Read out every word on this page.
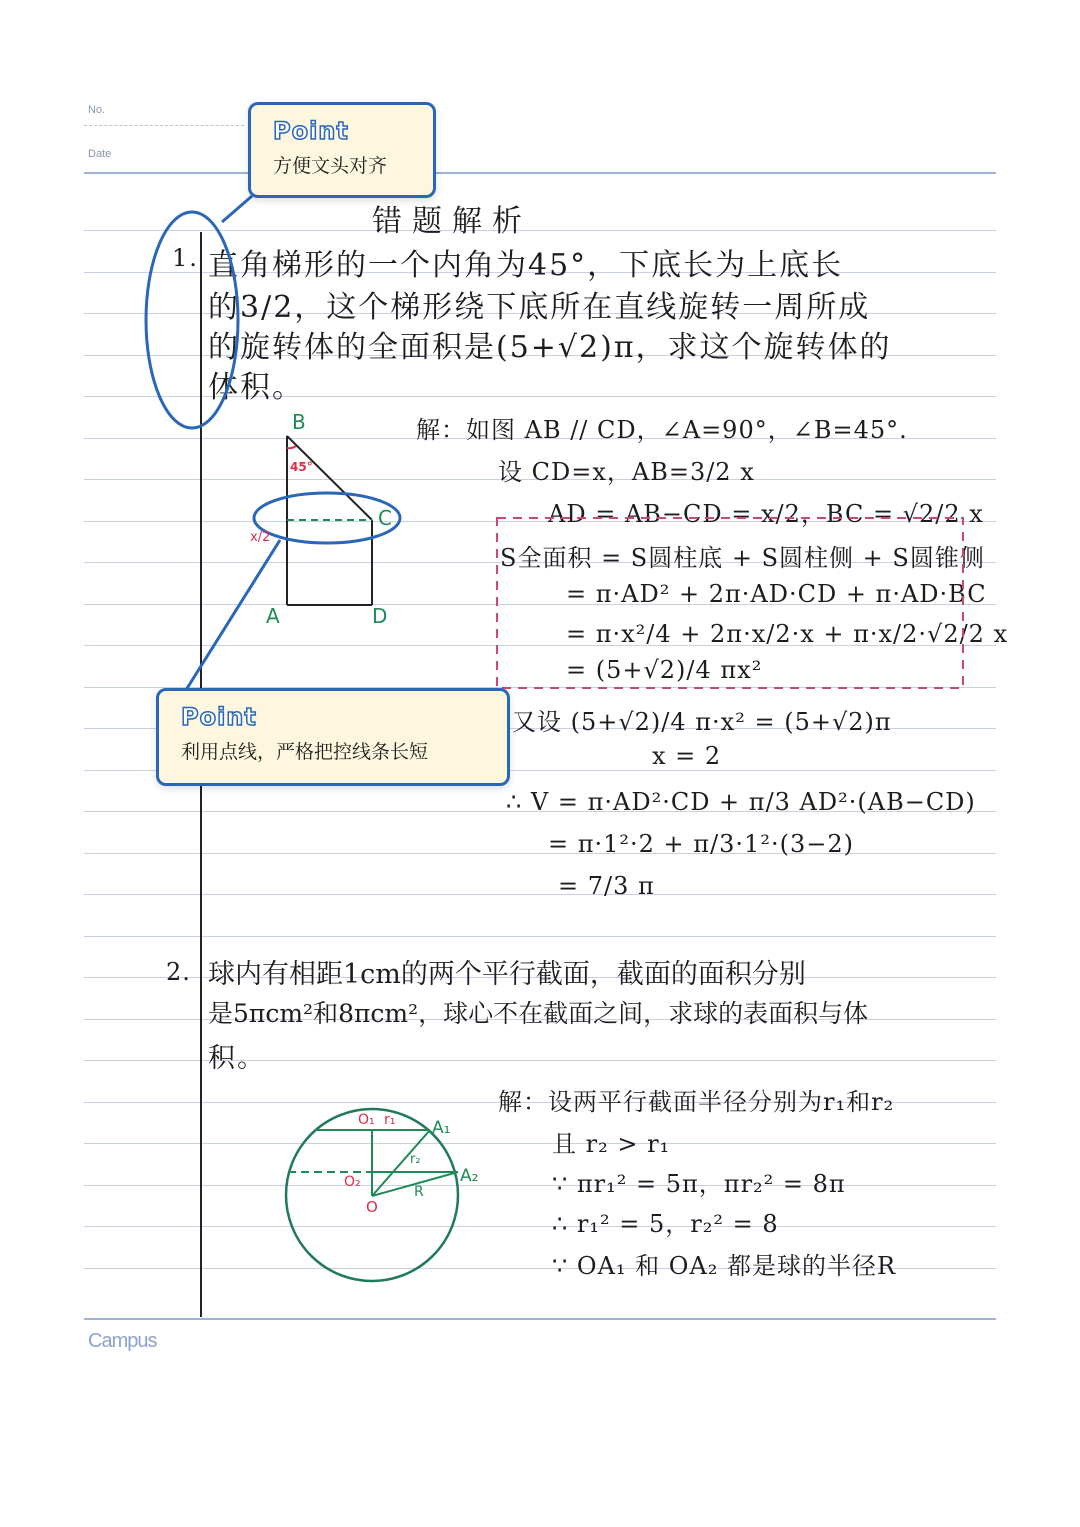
No.
Date
错题解析
1. 直角梯形的一个内角为45°，下底长为上底长
的3/2，这个梯形绕下底所在直线旋转一周所成
的旋转体的全面积是(5+√2)π，求这个旋转体的
体积。
解：如图 AB // CD，∠A=90°，∠B=45°.
设 CD=x，AB=3/2 x
AD = AB−CD = x/2，BC = √2/2 x
S全面积 = S圆柱底 + S圆柱侧 + S圆锥侧
= π·AD² + 2π·AD·CD + π·AD·BC
= π·x²/4 + 2π·x/2·x + π·x/2·√2/2 x
= (5+√2)/4 πx²
又设 (5+√2)/4 π·x² = (5+√2)π
x = 2
∴ V = π·AD²·CD + π/3 AD²·(AB−CD)
= π·1²·2 + π/3·1²·(3−2)
= 7/3 π
2. 球内有相距1cm的两个平行截面，截面的面积分别
是5πcm²和8πcm²，球心不在截面之间，求球的表面积与体
积。
解：设两平行截面半径分别为r₁和r₂
且 r₂ > r₁
∵ πr₁² = 5π，πr₂² = 8π
∴ r₁² = 5，r₂² = 8
∵ OA₁ 和 OA₂ 都是球的半径R
B
C
A	D
45°
x/2
O₁ r₁ A₁
r₂
O₂	A₂
R
O
Point
方便文头对齐
Point
利用点线，严格把控线条长短
Campus
